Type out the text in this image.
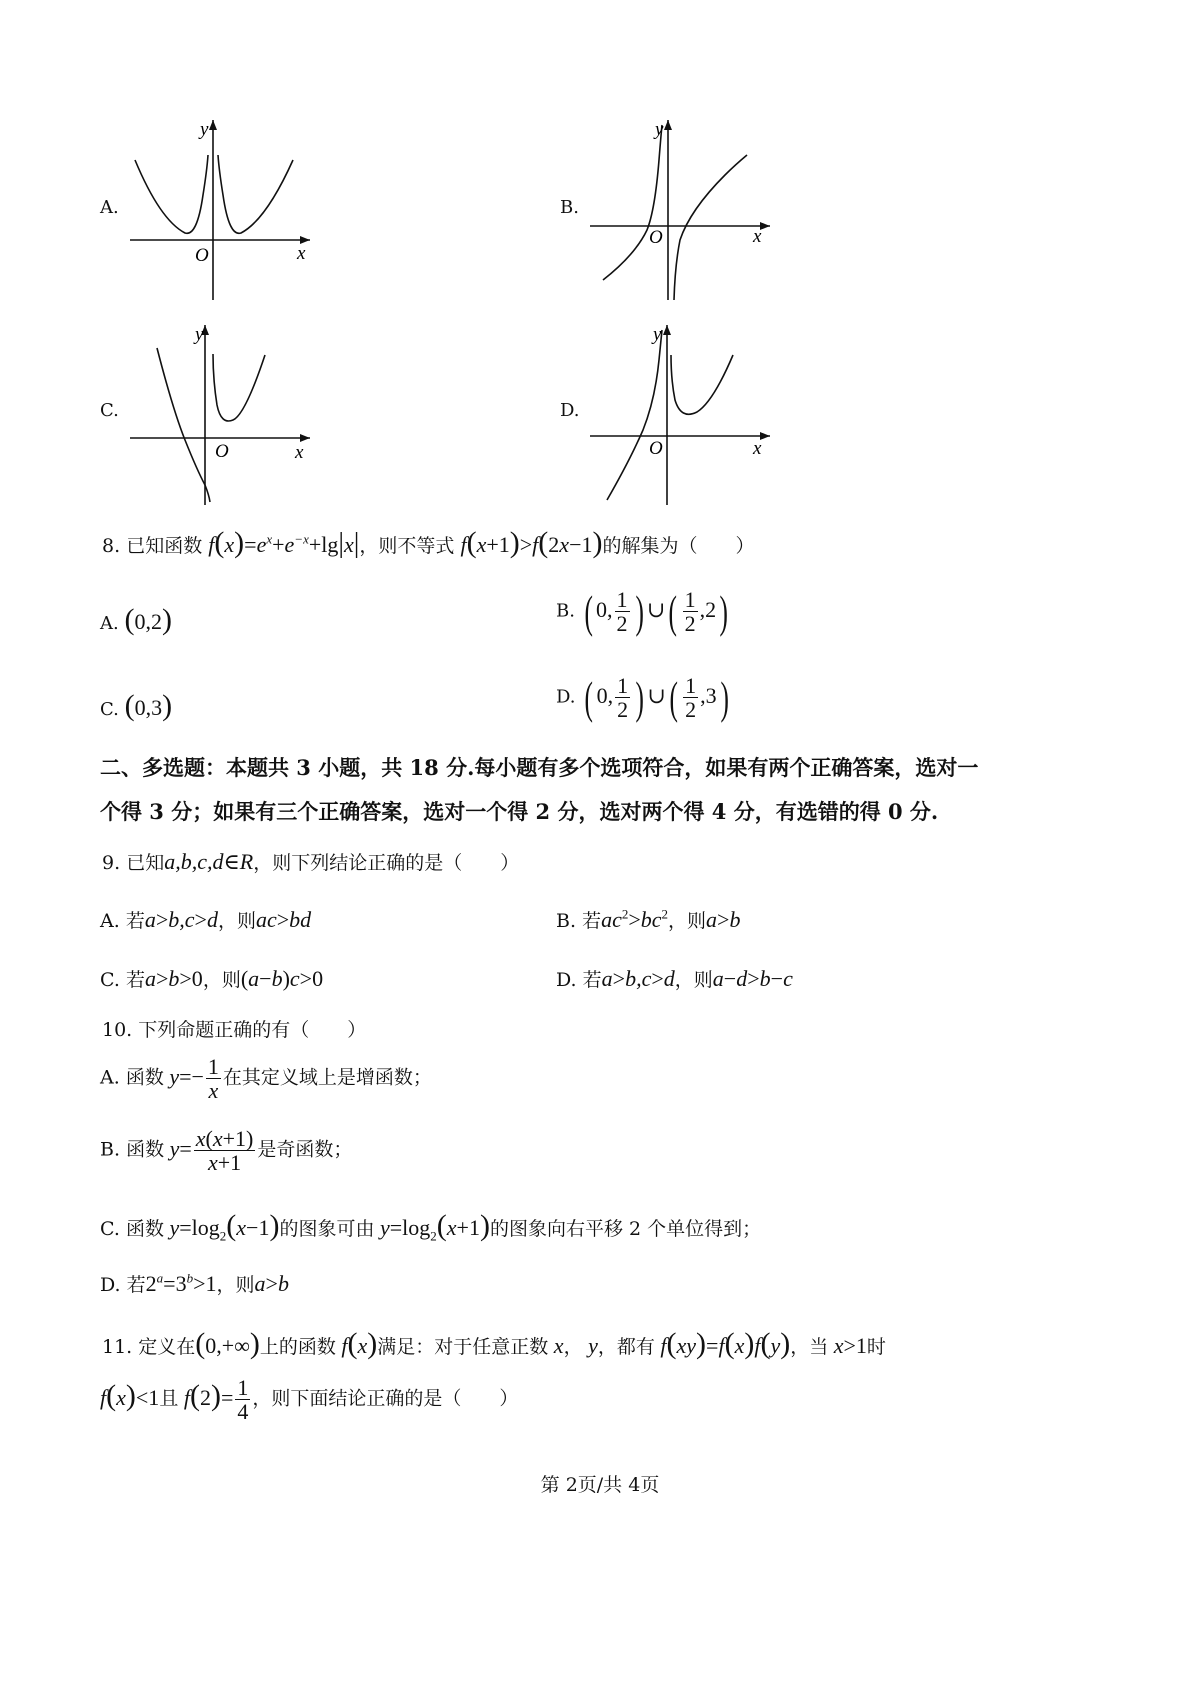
A.
y
O	x
B.
y
O	x
C.
y
O	x
D.
y
O	x
8. 已知函数 $f(x)=e^x+e^{-x}+\lg|x|$，则不等式 f(x+1)>f(2x−1)的解集为（　　）
A. (0,2)	B. ( 0, $\frac{1}{2}$ ) ∪( $\frac{1}{2} ,2$)
C. (0,3)	D. ( 0, $\frac{1}{2}$ ) ∪( $\frac{1}{2} ,3$)
二、多选题：本题共 3 小题，共 18 分.每小题有多个选项符合，如果有两个正确答案，选对一
个得 3 分；如果有三个正确答案，选对一个得 2 分，选对两个得 4 分，有选错的得 0 分.
9. 已知a,b,c,d∈R，则下列结论正确的是（　　）
A. 若a>b,c>d，则ac>bd	B. 若$ac^2>bc^2$，则a>b
C. 若a>b>0，则(a−b)c>0	D. 若a>b,c>d，则a−d>b−c
10. 下列命题正确的有（　　）
A. 函数 $y=- \frac{1}{x}$ 在其定义域上是增函数；
B. 函数 $y= \frac{x(x+1)}{x+1}$ 是奇函数；
C. 函数 $y=\log_2(x-1)$的图象可由 $y=\log_2(x+1)$的图象向右平移 2 个单位得到；
D. 若$2^a=3^b>1$，则a>b
11. 定义在(0,+∞)上的函数 f(x)满足：对于任意正数 x， y，都有 f(xy)=f(x)f(y)，当 x>1时
f(x)<1且 $f(2)= \frac{1}{4}$ ，则下面结论正确的是（　　）
第 2页/共 4页
